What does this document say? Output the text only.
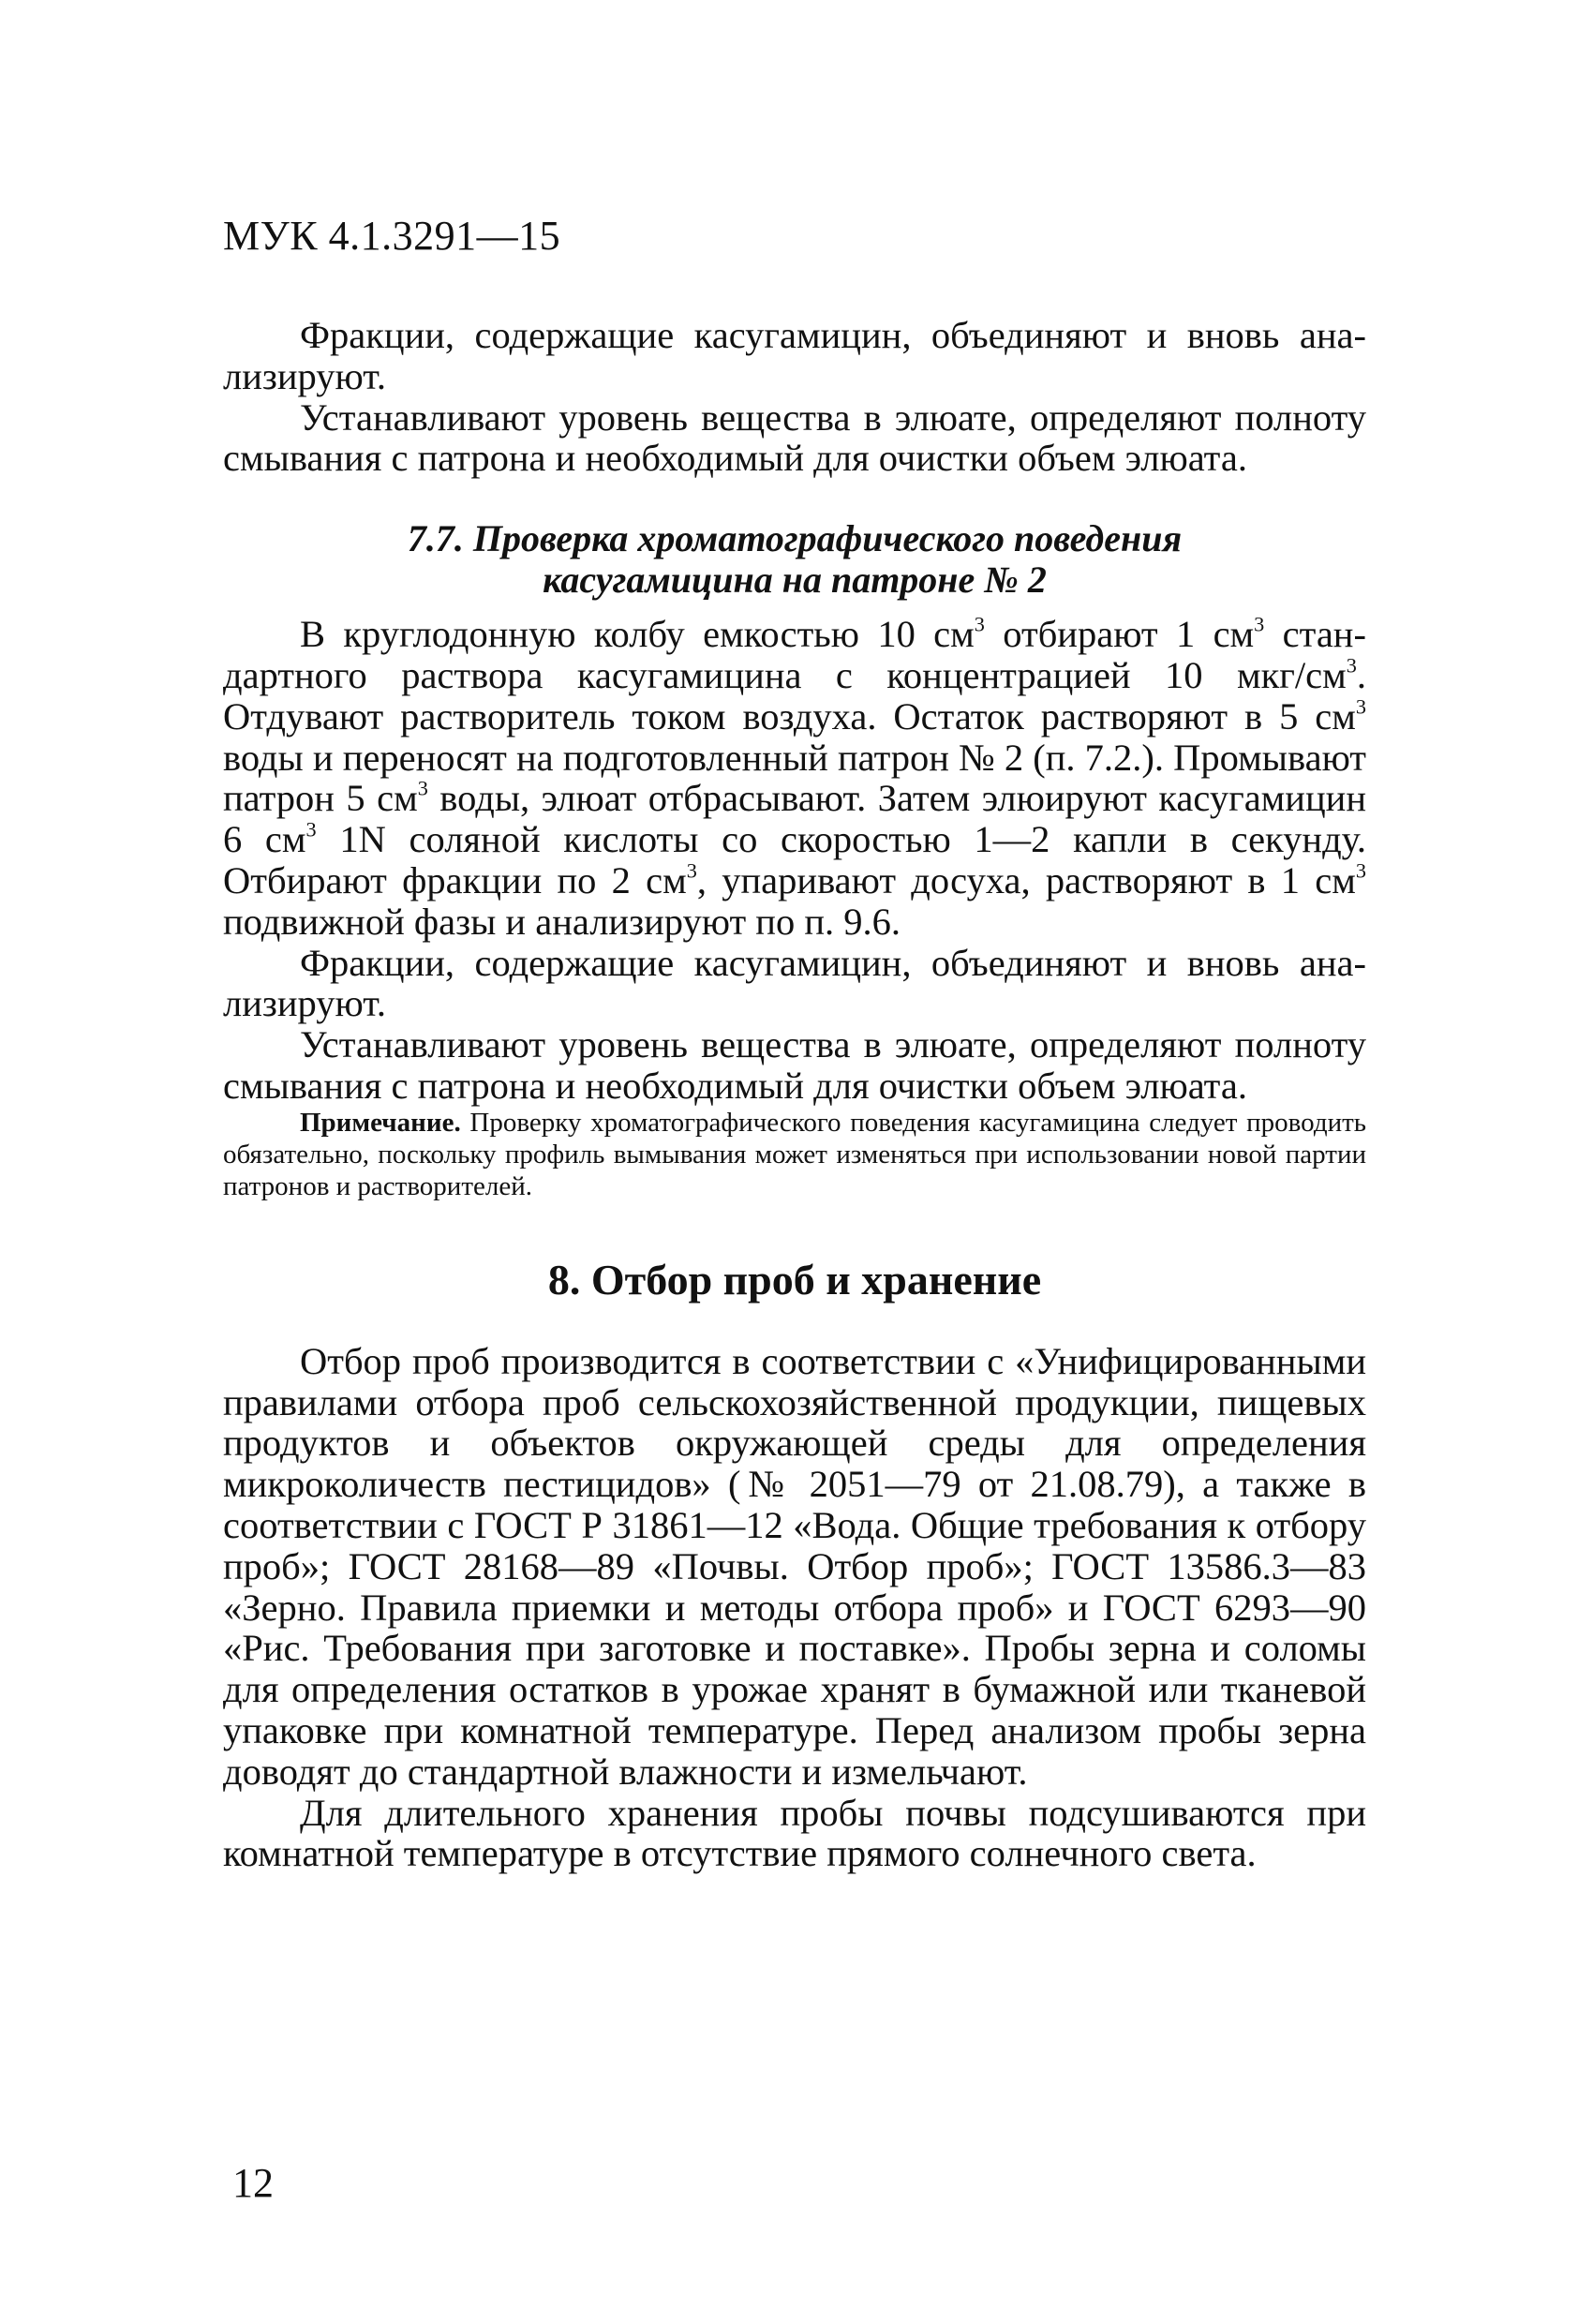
МУК 4.1.3291—15

Фракции, содержащие касугамицин, объединяют и вновь анализируют.

Устанавливают уровень вещества в элюате, определяют полноту смывания с патрона и необходимый для очистки объем элюата.

7.7. Проверка хроматографического поведения
касугамицина на патроне № 2

В круглодонную колбу емкостью 10 $см^3$ отбирают 1 $см^3$ стандартного раствора касугамицина с концентрацией 10 мкг/$см^3$. Отдувают растворитель током воздуха. Остаток растворяют в 5 $см^3$ воды и переносят на подготовленный патрон № 2 (п. 7.2.). Промывают патрон 5 $см^3$ воды, элюат отбрасывают. Затем элюируют касугамицин 6 $см^3$ 1N соляной кислоты со скоростью 1—2 капли в секунду. Отбирают фракции по 2 $см^3$, упаривают досуха, растворяют в 1 $см^3$ подвижной фазы и анализируют по п. 9.6.

Фракции, содержащие касугамицин, объединяют и вновь анализируют.

Устанавливают уровень вещества в элюате, определяют полноту смывания с патрона и необходимый для очистки объем элюата.

Примечание. Проверку хроматографического поведения касугамицина следует проводить обязательно, поскольку профиль вымывания может изменяться при использовании новой партии патронов и растворителей.

8. Отбор проб и хранение

Отбор проб производится в соответствии с «Унифицированными правилами отбора проб сельскохозяйственной продукции, пищевых продуктов и объектов окружающей среды для определения микроколичеств пестицидов» (№ 2051—79 от 21.08.79), а также в соответствии с ГОСТ Р 31861—12 «Вода. Общие требования к отбору проб»; ГОСТ 28168—89 «Почвы. Отбор проб»; ГОСТ 13586.3—83 «Зерно. Правила приемки и методы отбора проб» и ГОСТ 6293—90 «Рис. Требования при заготовке и поставке». Пробы зерна и соломы для определения остатков в урожае хранят в бумажной или тканевой упаковке при комнатной температуре. Перед анализом пробы зерна доводят до стандартной влажности и измельчают.

Для длительного хранения пробы почвы подсушиваются при комнатной температуре в отсутствие прямого солнечного света.

12
